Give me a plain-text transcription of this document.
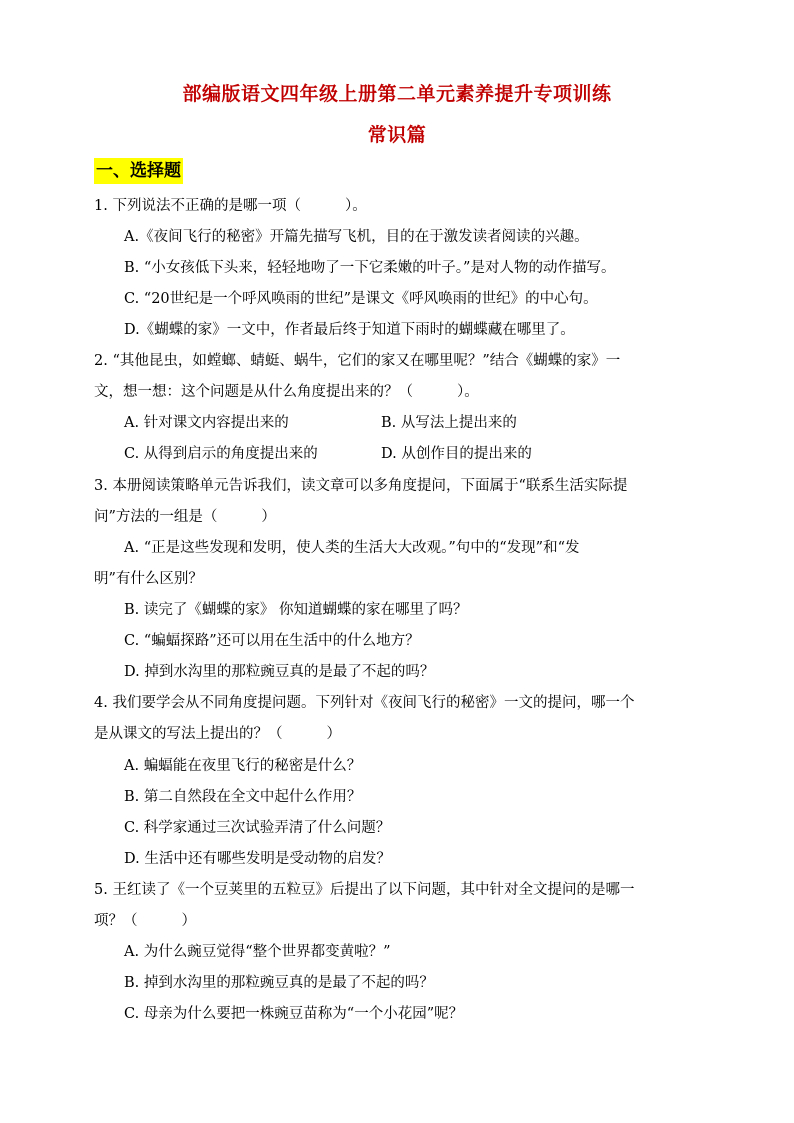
部编版语文四年级上册第二单元素养提升专项训练
常识篇
一、选择题
1. 下列说法不正确的是哪一项（	）。
A.《夜间飞行的秘密》开篇先描写飞机，目的在于激发读者阅读的兴趣。
B. “小女孩低下头来，轻轻地吻了一下它柔嫩的叶子。”是对人物的动作描写。
C. “20世纪是一个呼风唤雨的世纪”是课文《呼风唤雨的世纪》的中心句。
D.《蝴蝶的家》一文中，作者最后终于知道下雨时的蝴蝶藏在哪里了。
2. “其他昆虫，如螳螂、蜻蜓、蜗牛，它们的家又在哪里呢？”结合《蝴蝶的家》一
文，想一想：这个问题是从什么角度提出来的？（	）。
A. 针对课文内容提出来的	B. 从写法上提出来的
C. 从得到启示的角度提出来的	D. 从创作目的提出来的
3. 本册阅读策略单元告诉我们，读文章可以多角度提问，下面属于“联系生活实际提
问”方法的一组是（	）
A. “正是这些发现和发明，使人类的生活大大改观。”句中的“发现”和“发
明”有什么区别？
B. 读完了《蝴蝶的家》 你知道蝴蝶的家在哪里了吗？
C. “蝙蝠探路”还可以用在生活中的什么地方？
D. 掉到水沟里的那粒豌豆真的是最了不起的吗？
4. 我们要学会从不同角度提问题。下列针对《夜间飞行的秘密》一文的提问，哪一个
是从课文的写法上提出的？（	）
A. 蝙蝠能在夜里飞行的秘密是什么？
B. 第二自然段在全文中起什么作用？
C. 科学家通过三次试验弄清了什么问题？
D. 生活中还有哪些发明是受动物的启发？
5. 王红读了《一个豆荚里的五粒豆》后提出了以下问题，其中针对全文提问的是哪一
项？（	）
A. 为什么豌豆觉得“整个世界都变黄啦？”
B. 掉到水沟里的那粒豌豆真的是最了不起的吗？
C. 母亲为什么要把一株豌豆苗称为“一个小花园”呢？
